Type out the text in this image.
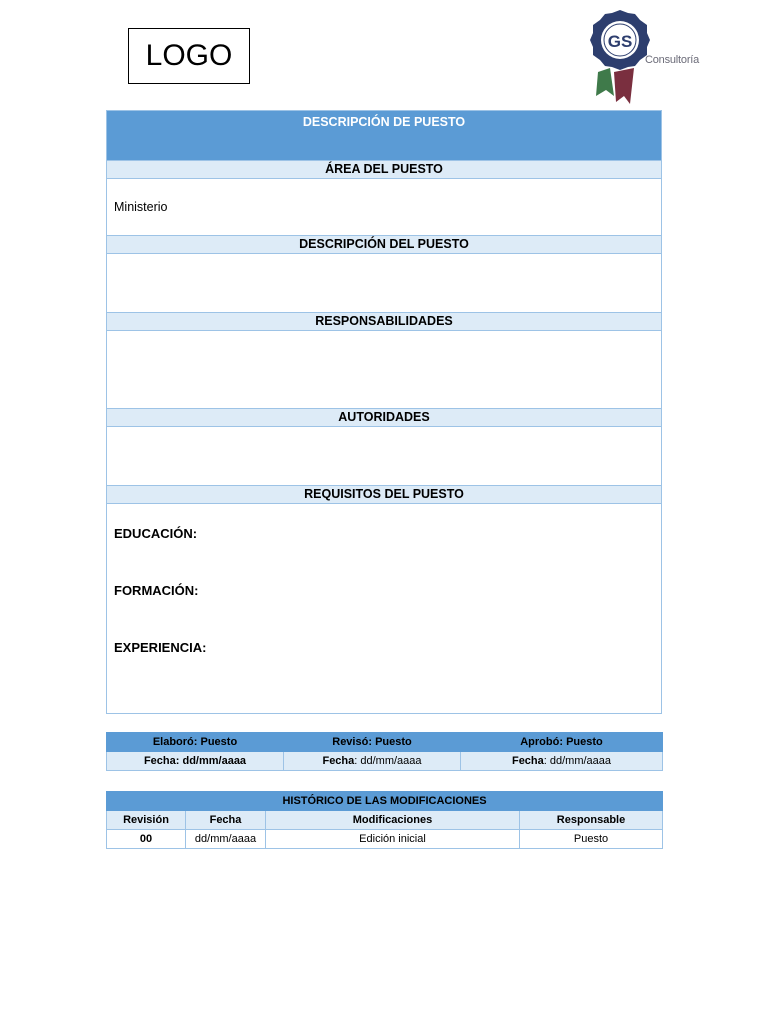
LOGO	GS
Consultoría
DESCRIPCIÓN DE PUESTO
ÁREA DEL PUESTO
Ministerio
DESCRIPCIÓN DEL PUESTO
RESPONSABILIDADES
AUTORIDADES
REQUISITOS DEL PUESTO
EDUCACIÓN:
FORMACIÓN:
EXPERIENCIA:
Elaboró: Puesto	Revisó: Puesto	Aprobó: Puesto
Fecha: dd/mm/aaaa	Fecha: dd/mm/aaaa	Fecha: dd/mm/aaaa
HISTÓRICO DE LAS MODIFICACIONES			
Revisión	Fecha	Modificaciones	Responsable
00	dd/mm/aaaa	Edición inicial	Puesto
